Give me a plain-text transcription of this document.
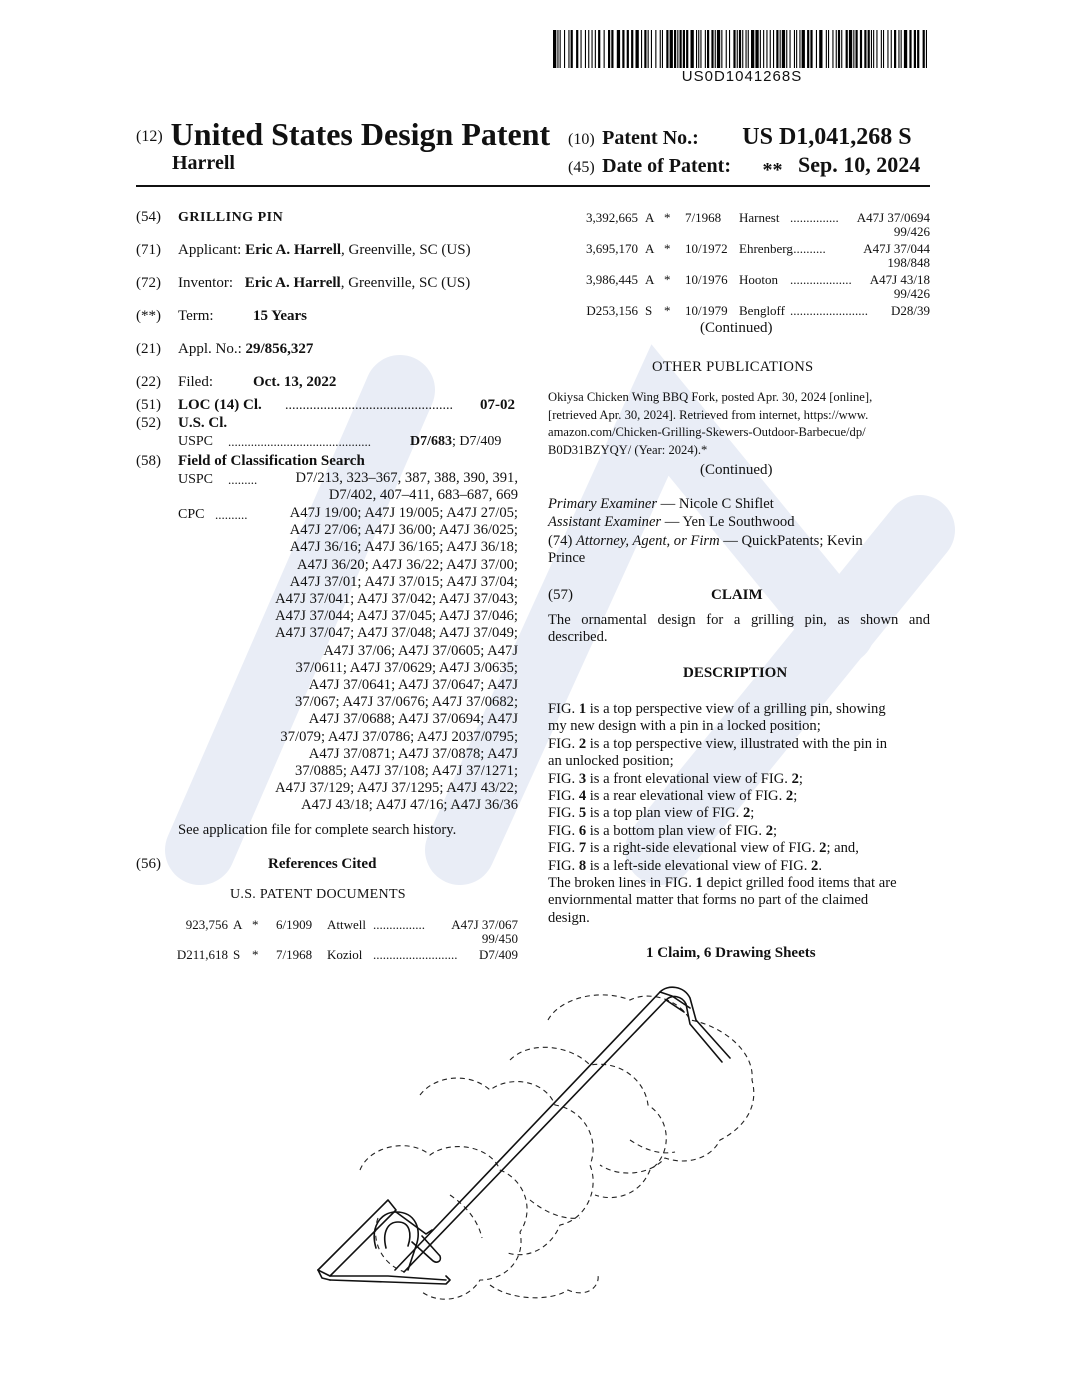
US0D1041268S
(12) United States Design Patent
Harrell
(10) Patent No.: US D1,041,268 S
(45) Date of Patent: ** Sep. 10, 2024
(54) GRILLING PIN
(71) Applicant: Eric A. Harrell, Greenville, SC (US)
(72) Inventor: Eric A. Harrell, Greenville, SC (US)
(**) Term:	15 Years
(21) Appl. No.: 29/856,327
(22) Filed:	Oct. 13, 2022
(51) LOC (14) Cl. ................................................ 07-02
(52) U.S. Cl.
USPC ............................................	D7/683; D7/409
(58) Field of Classification Search
USPC .........	D7/213, 323–367, 387, 388, 390, 391,
D7/402, 407–411, 683–687, 669
CPC ..........	A47J 19/00; A47J 19/005; A47J 27/05;
A47J 27/06; A47J 36/00; A47J 36/025;
A47J 36/16; A47J 36/165; A47J 36/18;
A47J 36/20; A47J 36/22; A47J 37/00;
A47J 37/01; A47J 37/015; A47J 37/04;
A47J 37/041; A47J 37/042; A47J 37/043;
A47J 37/044; A47J 37/045; A47J 37/046;
A47J 37/047; A47J 37/048; A47J 37/049;
A47J 37/06; A47J 37/0605; A47J
37/0611; A47J 37/0629; A47J 3/0635;
A47J 37/0641; A47J 37/0647; A47J
37/067; A47J 37/0676; A47J 37/0682;
A47J 37/0688; A47J 37/0694; A47J
37/079; A47J 37/0786; A47J 2037/0795;
A47J 37/0871; A47J 37/0878; A47J
37/0885; A47J 37/108; A47J 37/1271;
A47J 37/129; A47J 37/1295; A47J 43/22;
A47J 43/18; A47J 47/16; A47J 36/36
See application file for complete search history.
(56)	References Cited
U.S. PATENT DOCUMENTS
923,756 A * 6/1909 Attwell ................	A47J 37/067
99/450
D211,618 S * 7/1968 Koziol ..........................	D7/409
3,392,665 A * 7/1968 Harnest ...............	A47J 37/0694
99/426
3,695,170 A * 10/1972 Ehrenberg
...........	A47J 37/044
198/848
3,986,445 A * 10/1976 Hooton ...................	A47J 43/18
99/426
D253,156 S * 10/1979 Bengloff ........................	D28/39
(Continued)
OTHER PUBLICATIONS
Okiysa Chicken Wing BBQ Fork, posted Apr. 30, 2024 [online],
[retrieved Apr. 30, 2024]. Retrieved from internet, https://www.
amazon.com/Chicken-Grilling-Skewers-Outdoor-Barbecue/dp/
B0D31BZYQY/ (Year: 2024).*
(Continued)
Primary Examiner — Nicole C Shiflet
Assistant Examiner — Yen Le Southwood
(74) Attorney, Agent, or Firm — QuickPatents; Kevin
Prince
(57)	CLAIM
The ornamental design for a grilling pin, as shown and
described.
DESCRIPTION
FIG. 1 is a top perspective view of a grilling pin, showing
my new design with a pin in a locked position;
FIG. 2 is a top perspective view, illustrated with the pin in
an unlocked position;
FIG. 3 is a front elevational view of FIG. 2;
FIG. 4 is a rear elevational view of FIG. 2;
FIG. 5 is a top plan view of FIG. 2;
FIG. 6 is a bottom plan view of FIG. 2;
FIG. 7 is a right-side elevational view of FIG. 2; and,
FIG. 8 is a left-side elevational view of FIG. 2.
The broken lines in FIG. 1 depict grilled food items that are
enviornmental matter that forms no part of the claimed
design.
1 Claim, 6 Drawing Sheets
